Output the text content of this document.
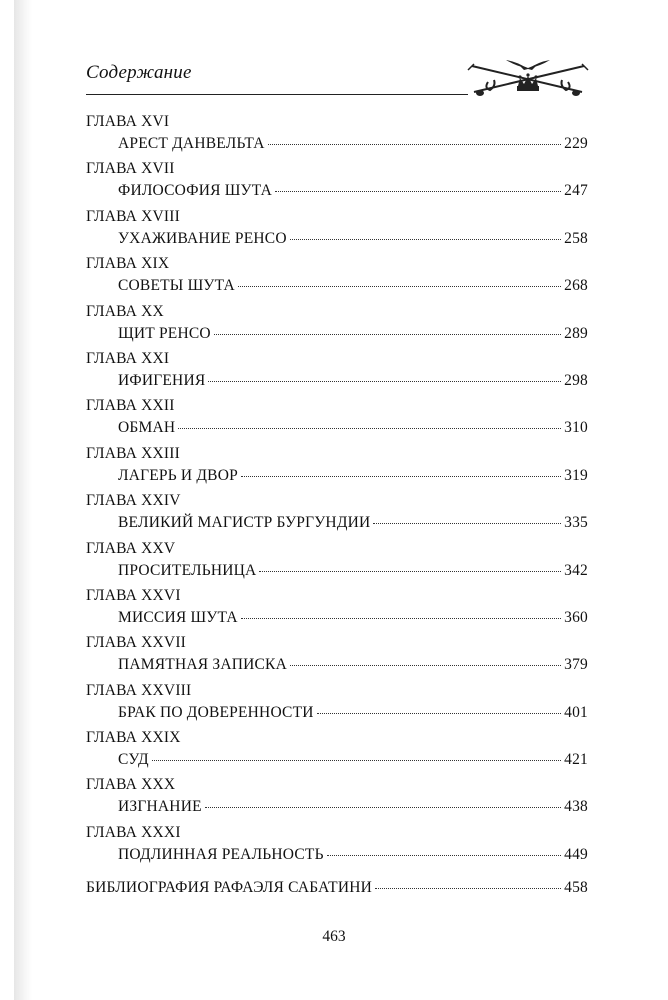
Содержание
ГЛАВА XVI
АРЕСТ ДАНВЕЛЬТА	229
ГЛАВА XVII
ФИЛОСОФИЯ ШУТА	247
ГЛАВА XVIII
УХАЖИВАНИЕ РЕНСО	258
ГЛАВА XIX
СОВЕТЫ ШУТА	268
ГЛАВА XX
ЩИТ РЕНСО	289
ГЛАВА XXI
ИФИГЕНИЯ	298
ГЛАВА XXII
ОБМАН	310
ГЛАВА XXIII
ЛАГЕРЬ И ДВОР	319
ГЛАВА XXIV
ВЕЛИКИЙ МАГИСТР БУРГУНДИИ	335
ГЛАВА XXV
ПРОСИТЕЛЬНИЦА	342
ГЛАВА XXVI
МИССИЯ ШУТА	360
ГЛАВА XXVII
ПАМЯТНАЯ ЗАПИСКА	379
ГЛАВА XXVIII
БРАК ПО ДОВЕРЕННОСТИ	401
ГЛАВА XXIX
СУД	421
ГЛАВА XXX
ИЗГНАНИЕ	438
ГЛАВА XXXI
ПОДЛИННАЯ РЕАЛЬНОСТЬ	449
БИБЛИОГРАФИЯ РАФАЭЛЯ САБАТИНИ	458
463
